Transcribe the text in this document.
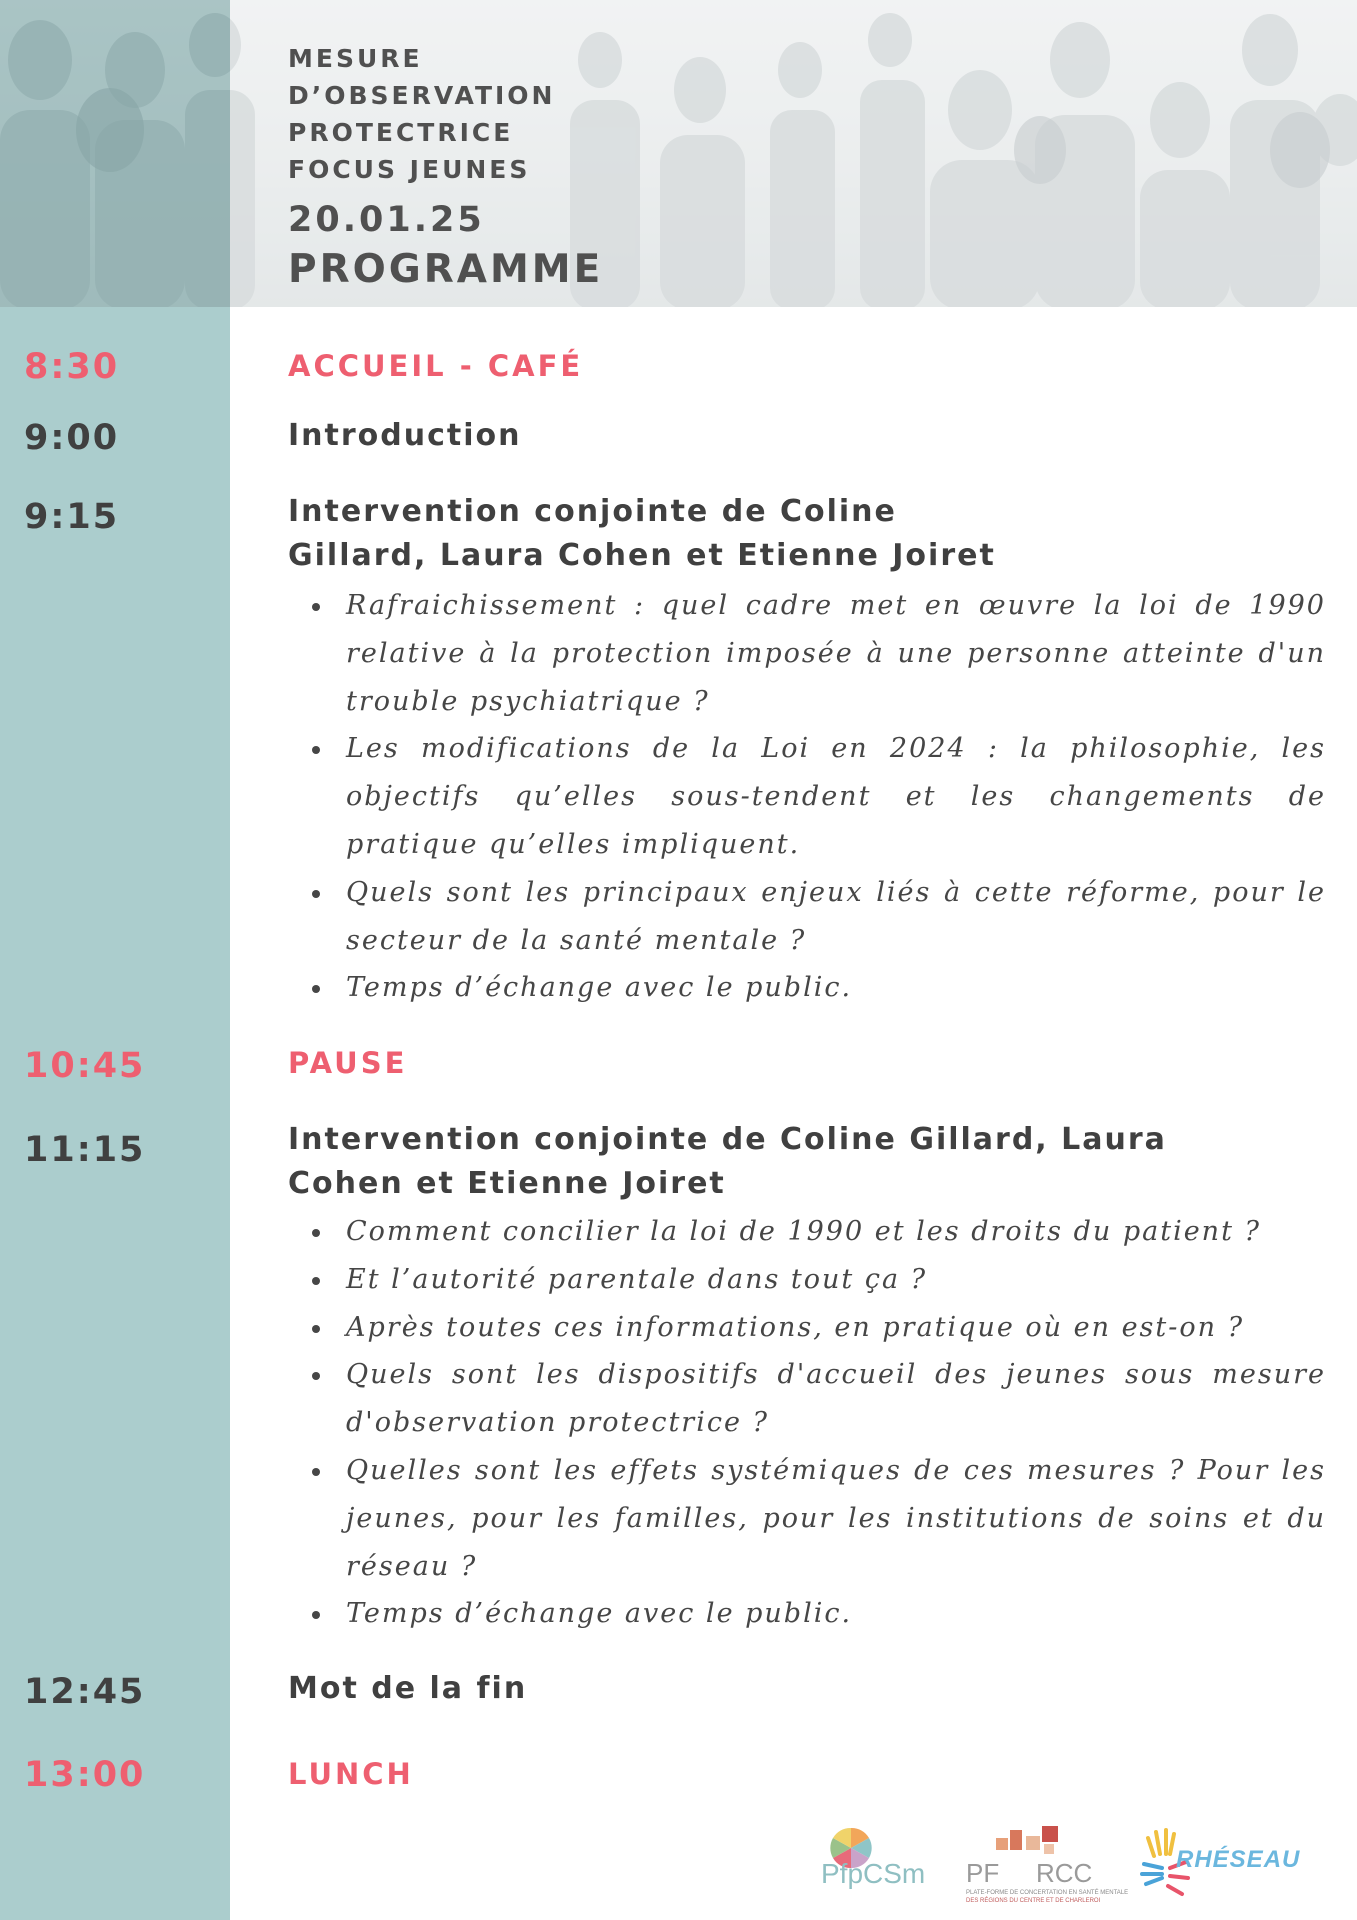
MESURE
D’OBSERVATION
PROTECTRICE
FOCUS JEUNES
20.01.25
PROGRAMME
8:30	ACCUEIL - CAFÉ
9:00	Introduction
9:15	Intervention conjointe de Coline
Gillard, Laura Cohen et Etienne Joiret
Rafraichissement : quel cadre met en œuvre la loi de 1990 relative à la protection imposée à une personne atteinte d'un trouble psychiatrique ?
Les modifications de la Loi en 2024 : la philosophie, les objectifs qu’elles sous-tendent et les changements de pratique qu’elles impliquent.
Quels sont les principaux enjeux liés à cette réforme, pour le secteur de la santé mentale ?
Temps d’échange avec le public.
10:45	PAUSE
11:15	Intervention conjointe de Coline Gillard, Laura
Cohen et Etienne Joiret
Comment concilier la loi de 1990 et les droits du patient ?
Et l’autorité parentale dans tout ça ?
Après toutes ces informations, en pratique où en est-on ?
Quels sont les dispositifs d'accueil des jeunes sous mesure d'observation protectrice ?
Quelles sont les effets systémiques de ces mesures ? Pour les jeunes, pour les familles, pour les institutions de soins et du réseau ?
Temps d’échange avec le public.
12:45	Mot de la fin
13:00	LUNCH
PfpCSm PF RCC
PLATE-FORME DE CONCERTATION EN SANTÉ MENTALE
DES RÉGIONS DU CENTRE ET DE CHARLEROI
RHÉSEAU
